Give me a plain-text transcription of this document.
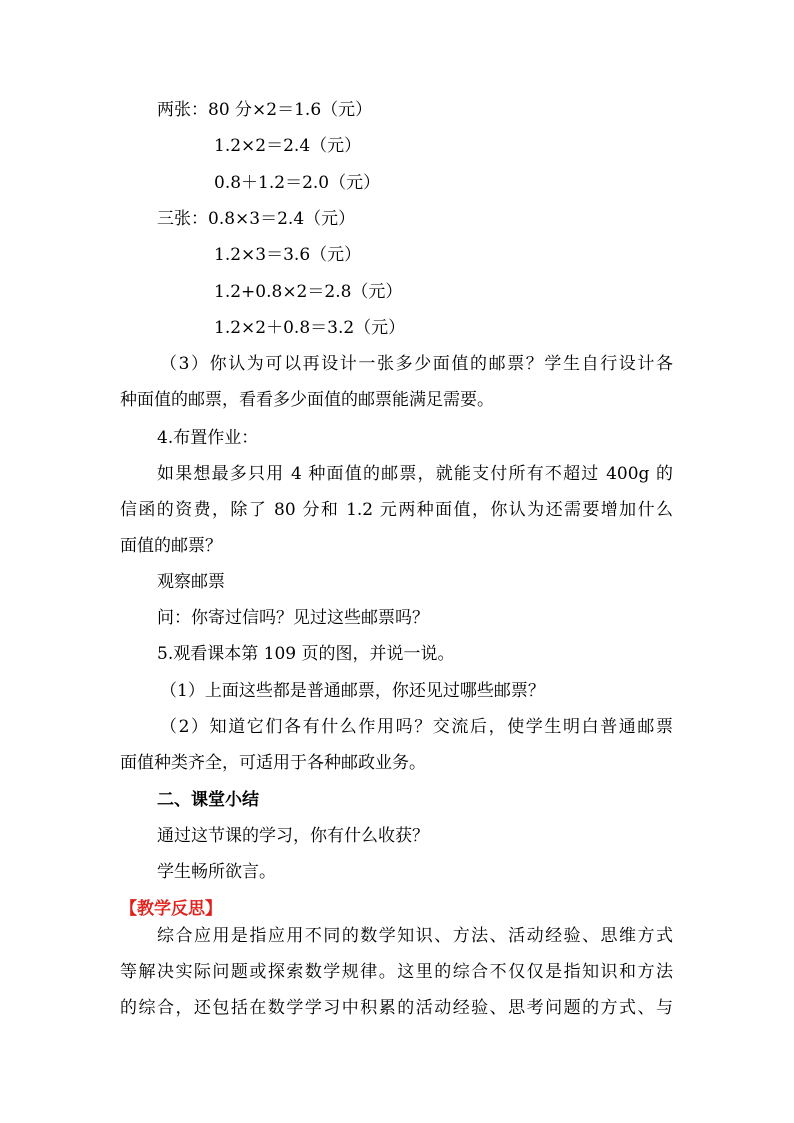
两张：80 分×2＝1.6（元）
1.2×2＝2.4（元）
0.8＋1.2＝2.0（元）
三张：0.8×3＝2.4（元）
1.2×3＝3.6（元）
1.2+0.8×2＝2.8（元）
1.2×2＋0.8＝3.2（元）
（3）你认为可以再设计一张多少面值的邮票？学生自行设计各
种面值的邮票，看看多少面值的邮票能满足需要。
4.布置作业：
如果想最多只用 4 种面值的邮票，就能支付所有不超过 400g 的
信函的资费，除了 80 分和 1.2 元两种面值，你认为还需要增加什么
面值的邮票？
观察邮票
问：你寄过信吗？见过这些邮票吗？
5.观看课本第 109 页的图，并说一说。
（1）上面这些都是普通邮票，你还见过哪些邮票？
（2）知道它们各有什么作用吗？交流后，使学生明白普通邮票
面值种类齐全，可适用于各种邮政业务。
二、课堂小结
通过这节课的学习，你有什么收获？
学生畅所欲言。
【教学反思】
综合应用是指应用不同的数学知识、方法、活动经验、思维方式
等解决实际问题或探索数学规律。这里的综合不仅仅是指知识和方法
的综合，还包括在数学学习中积累的活动经验、思考问题的方式、与
